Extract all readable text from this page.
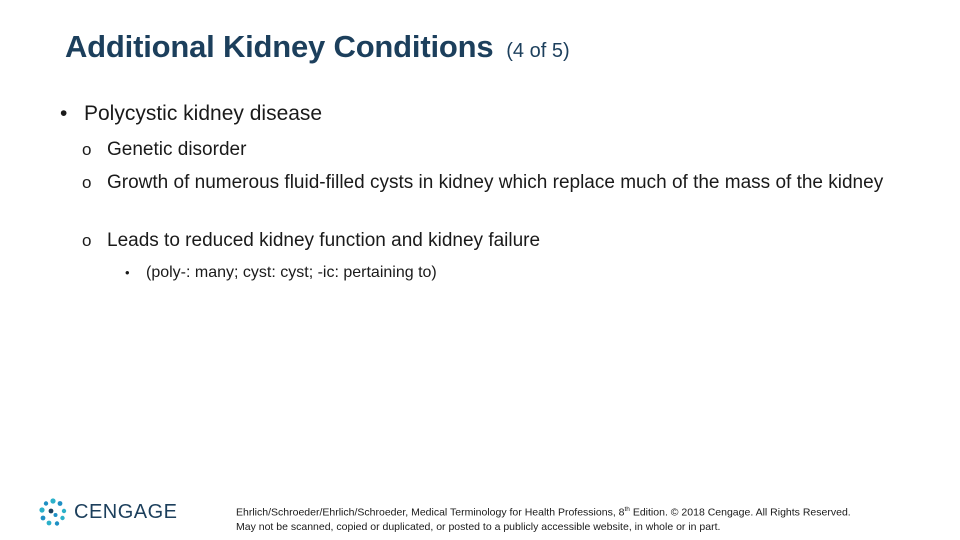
Additional Kidney Conditions (4 of 5)
• Polycystic kidney disease
o Genetic disorder
o Growth of numerous fluid-filled cysts in kidney which replace much of the mass of the kidney
o Leads to reduced kidney function and kidney failure
•	(poly-: many; cyst: cyst; -ic: pertaining to)
CENGAGE	Ehrlich/Schroeder/Ehrlich/Schroeder, Medical Terminology for Health Professions, 8th Edition. © 2018 Cengage. All Rights Reserved.
May not be scanned, copied or duplicated, or posted to a publicly accessible website, in whole or in part.
